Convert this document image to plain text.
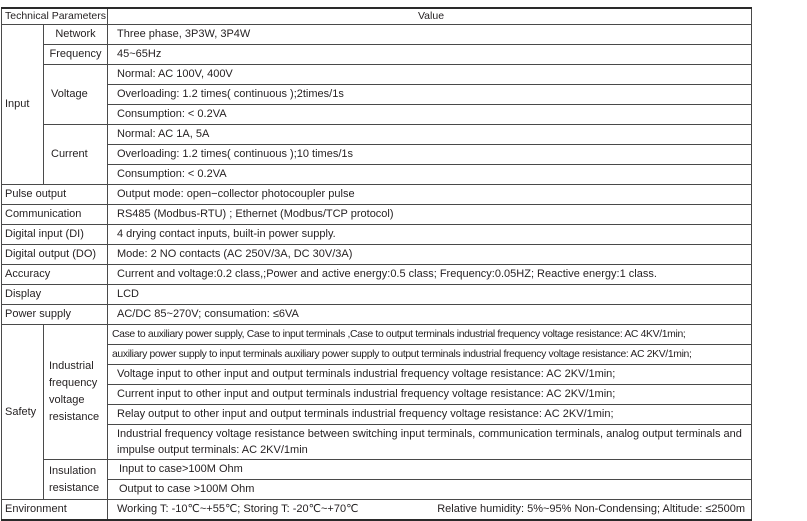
Technical Parameters		Value
Input	Network	Three phase, 3P3W, 3P4W
	Frequency	45~65Hz
	Voltage	Normal: AC 100V, 400V
		Overloading: 1.2 times( continuous );2times/1s
		Consumption: < 0.2VA
	Current	Normal: AC 1A, 5A
		Overloading: 1.2 times( continuous );10 times/1s
		Consumption: < 0.2VA
Pulse output		Output mode: open−collector photocoupler pulse
Communication		RS485 (Modbus-RTU) ; Ethernet (Modbus/TCP protocol)
Digital input (DI)		4 drying contact inputs, built-in power supply.
Digital output (DO)		Mode: 2 NO contacts (AC 250V/3A, DC 30V/3A)
Accuracy		Current and voltage:0.2 class,;Power and active energy:0.5 class; Frequency:0.05HZ; Reactive energy:1 class.
Display		LCD
Power supply		AC/DC 85~270V; consumation: ≤6VA
Safety	Industrial frequency voltage resistance	Case to auxiliary power supply, Case to input terminals ,Case to output terminals industrial frequency voltage resistance: AC 4KV/1min;
		auxiliary power supply to input terminals auxiliary power supply to output terminals industrial frequency voltage resistance: AC 2KV/1min;
		Voltage input to other input and output terminals industrial frequency voltage resistance: AC 2KV/1min;
		Current input to other input and output terminals industrial frequency voltage resistance: AC 2KV/1min;
		Relay output to other input and output terminals industrial frequency voltage resistance: AC 2KV/1min;
		Industrial frequency voltage resistance between switching input terminals, communication terminals, analog output terminals and impulse output terminals: AC 2KV/1min
	Insulation resistance	Input to case>100M Ohm
		Output to case >100M Ohm
Environment		Working T: -10℃~+55℃; Storing T: -20℃~+70℃ Relative humidity: 5%~95% Non-Condensing; Altitude: ≤2500m
